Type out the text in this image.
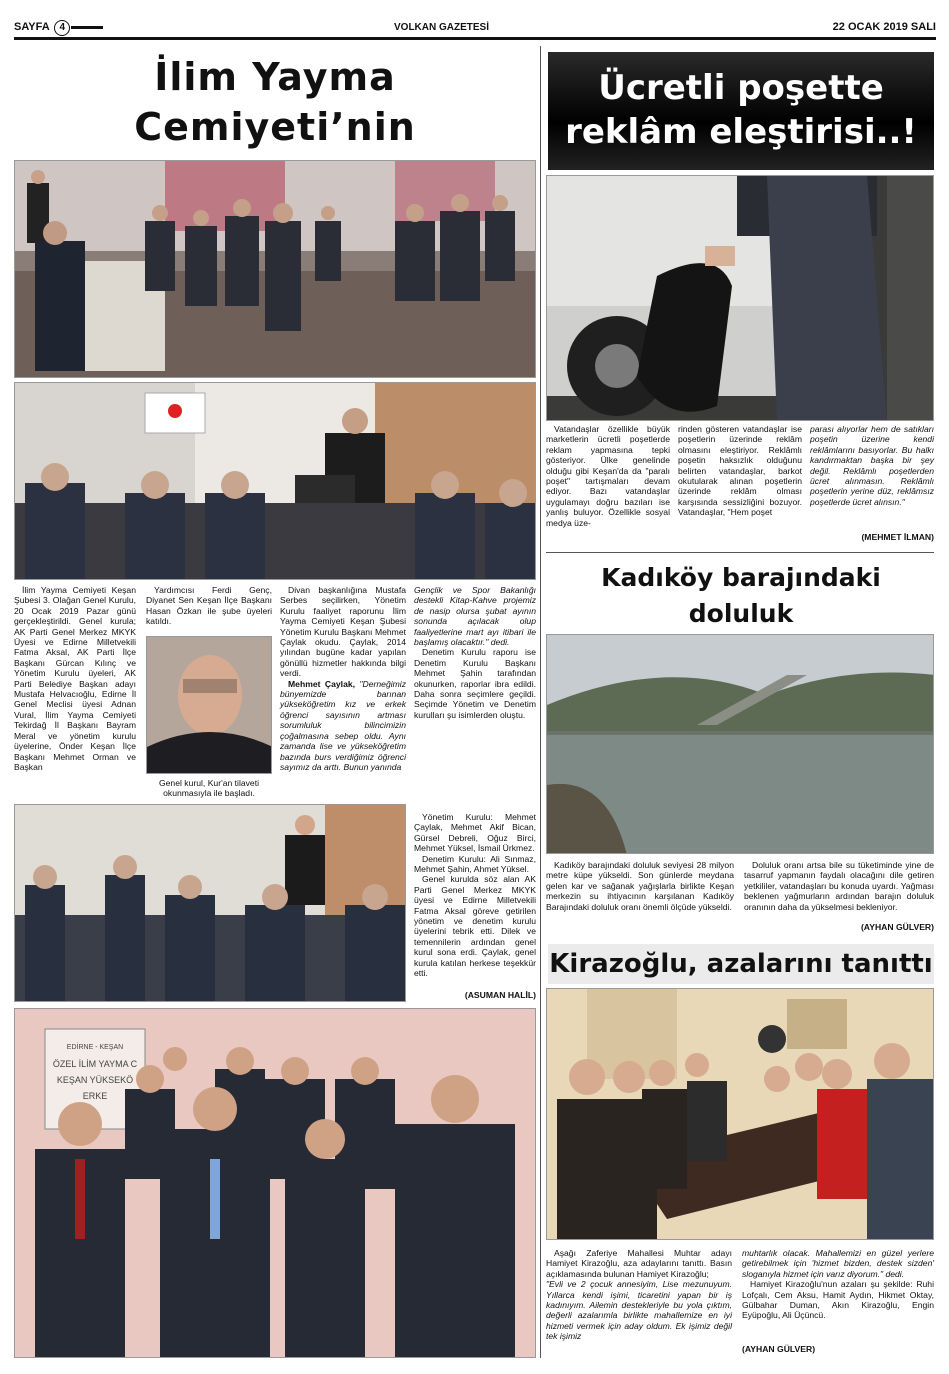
SAYFA 4	VOLKAN GAZETESİ	22 OCAK 2019 SALI
İlim Yayma Cemiyeti’nin

İlim Yayma Cemiyeti Keşan Şubesi 3. Olağan Genel Kurulu, 20 Ocak 2019 Pazar günü gerçekleştirildi. Genel kurula; AK Parti Genel Merkez MKYK Üyesi ve Edirne Milletvekili Fatma Aksal, AK Parti İlçe Başkanı Gürcan Kılınç ve Yönetim Kurulu üyeleri, AK Parti Belediye Başkan adayı Mustafa Helvacıoğlu, Edirne İl Genel Meclisi üyesi Adnan Vural, İlim Yayma Cemiyeti Tekirdağ İl Başkanı Bayram Meral ve yönetim kurulu üyelerine, Önder Keşan İlçe Başkanı Mehmet Orman ve Başkan

Yardımcısı Ferdi Genç, Diyanet Sen Keşan İlçe Başkanı Hasan Özkan ile şube üyeleri katıldı.

Genel kurul, Kur'an tilaveti okunmasıyla ile başladı.

Divan başkanlığına Mustafa Serbes seçilirken, Yönetim Kurulu faaliyet raporunu İlim Yayma Cemiyeti Keşan Şubesi Yönetim Kurulu Başkanı Mehmet Çaylak okudu. Çaylak, 2014 yılından bugüne kadar yapılan gönüllü hizmetler hakkında bilgi verdi.

Mehmet Çaylak, "Derneğimiz bünyemizde barınan yükseköğretim kız ve erkek öğrenci sayısının artması sorumluluk bilincimizin çoğalmasına sebep oldu. Aynı zamanda lise ve yükseköğretim bazında burs verdiğimiz öğrenci sayımız da arttı. Bunun yanında

Gençlik ve Spor Bakanlığı destekli Kitap-Kahve projemiz de nasip olursa şubat ayının sonunda açılacak olup faaliyetlerine mart ayı itibari ile başlamış olacaktır." dedi.

Denetim Kurulu raporu ise Denetim Kurulu Başkanı Mehmet Şahin tarafından okunurken, raporlar ibra edildi. Daha sonra seçimlere geçildi. Seçimde Yönetim ve Denetim kurulları şu isimlerden oluştu.

Yönetim Kurulu: Mehmet Çaylak, Mehmet Akif Bican, Gürsel Debreli, Oğuz Birci, Mehmet Yüksel, İsmail Ürkmez.

Denetim Kurulu: Ali Sınmaz, Mehmet Şahin, Ahmet Yüksel.

Genel kurulda söz alan AK Parti Genel Merkez MKYK üyesi ve Edirne Milletvekili Fatma Aksal göreve getirilen yönetim ve denetim kurulu üyelerini tebrik etti. Dilek ve temennilerin ardından genel kurul sona erdi. Çaylak, genel kurula katılan herkese teşekkür etti.

(ASUMAN HALİL)
EDİRNE - KEŞAN
ÖZEL İLİM YAYMA C
KEŞAN YÜKSEKÖ
ERKE
Ücretli poşette
reklâm eleştirisi..!

Vatandaşlar özellikle büyük marketlerin ücretli poşetlerde reklam yapmasına tepki gösteriyor. Ülke genelinde olduğu gibi Keşan'da da "paralı poşet" tartışmaları devam ediyor. Bazı vatandaşlar uygulamayı doğru bazıları ise yanlış buluyor. Özellikle sosyal medya üze-

rinden gösteren vatandaşlar ise poşetlerin üzerinde reklâm olmasını eleştiriyor. Reklâmlı poşetin haksızlık olduğunu belirten vatandaşlar, barkot okutularak alınan poşetlerin üzerinde reklâm olması karşısında sessizliğini bozuyor. Vatandaşlar, "Hem poşet

parası alıyorlar hem de satıkları poşetin üzerine kendi reklâmlarını basıyorlar. Bu halkı kandırmaktan başka bir şey değil. Reklâmlı poşetlerden ücret alınmasın. Reklâmlı poşetlerin yerine düz, reklâmsız poşetlerde ücret alınsın."

(MEHMET İLMAN)
Kadıköy barajındaki doluluk

Kadıköy barajındaki doluluk seviyesi 28 milyon metre küpe yükseldi. Son günlerde meydana gelen kar ve sağanak yağışlarla birlikte Keşan merkezin su ihtiyacının karşılanan Kadıköy Barajındaki doluluk oranı önemli ölçüde yükseldi.

Doluluk oranı artsa bile su tüketiminde yine de tasarruf yapmanın faydalı olacağını dile getiren yetkililer, vatandaşları bu konuda uyardı. Yağması beklenen yağmurların ardından barajın doluluk oranının daha da yükselmesi bekleniyor.

(AYHAN GÜLVER)
Kirazoğlu, azalarını tanıttı

Aşağı Zaferiye Mahallesi Muhtar adayı Hamiyet Kirazoğlu, aza adaylarını tanıttı. Basın açıklamasında bulunan Hamiyet Kirazoğlu;

"Evli ve 2 çocuk annesiyim, Lise mezunuyum. Yıllarca kendi işimi, ticaretini yapan bir iş kadınıyım. Ailemin destekleriyle bu yola çıktım, değerli azalarımla birlikte mahallemize en iyi hizmeti vermek için aday oldum. Ek işimiz değil tek işimiz

muhtarlık olacak. Mahallemizi en güzel yerlere getirebilmek için 'hizmet bizden, destek sizden' sloganıyla hizmet için varız diyorum." dedi.

Hamiyet Kirazoğlu'nun azaları şu şekilde: Ruhi Lofçalı, Cem Aksu, Hamit Aydın, Hikmet Oktay, Gülbahar Duman, Akın Kirazoğlu, Engin Eyüpoğlu, Ali Üçüncü.

(AYHAN GÜLVER)
